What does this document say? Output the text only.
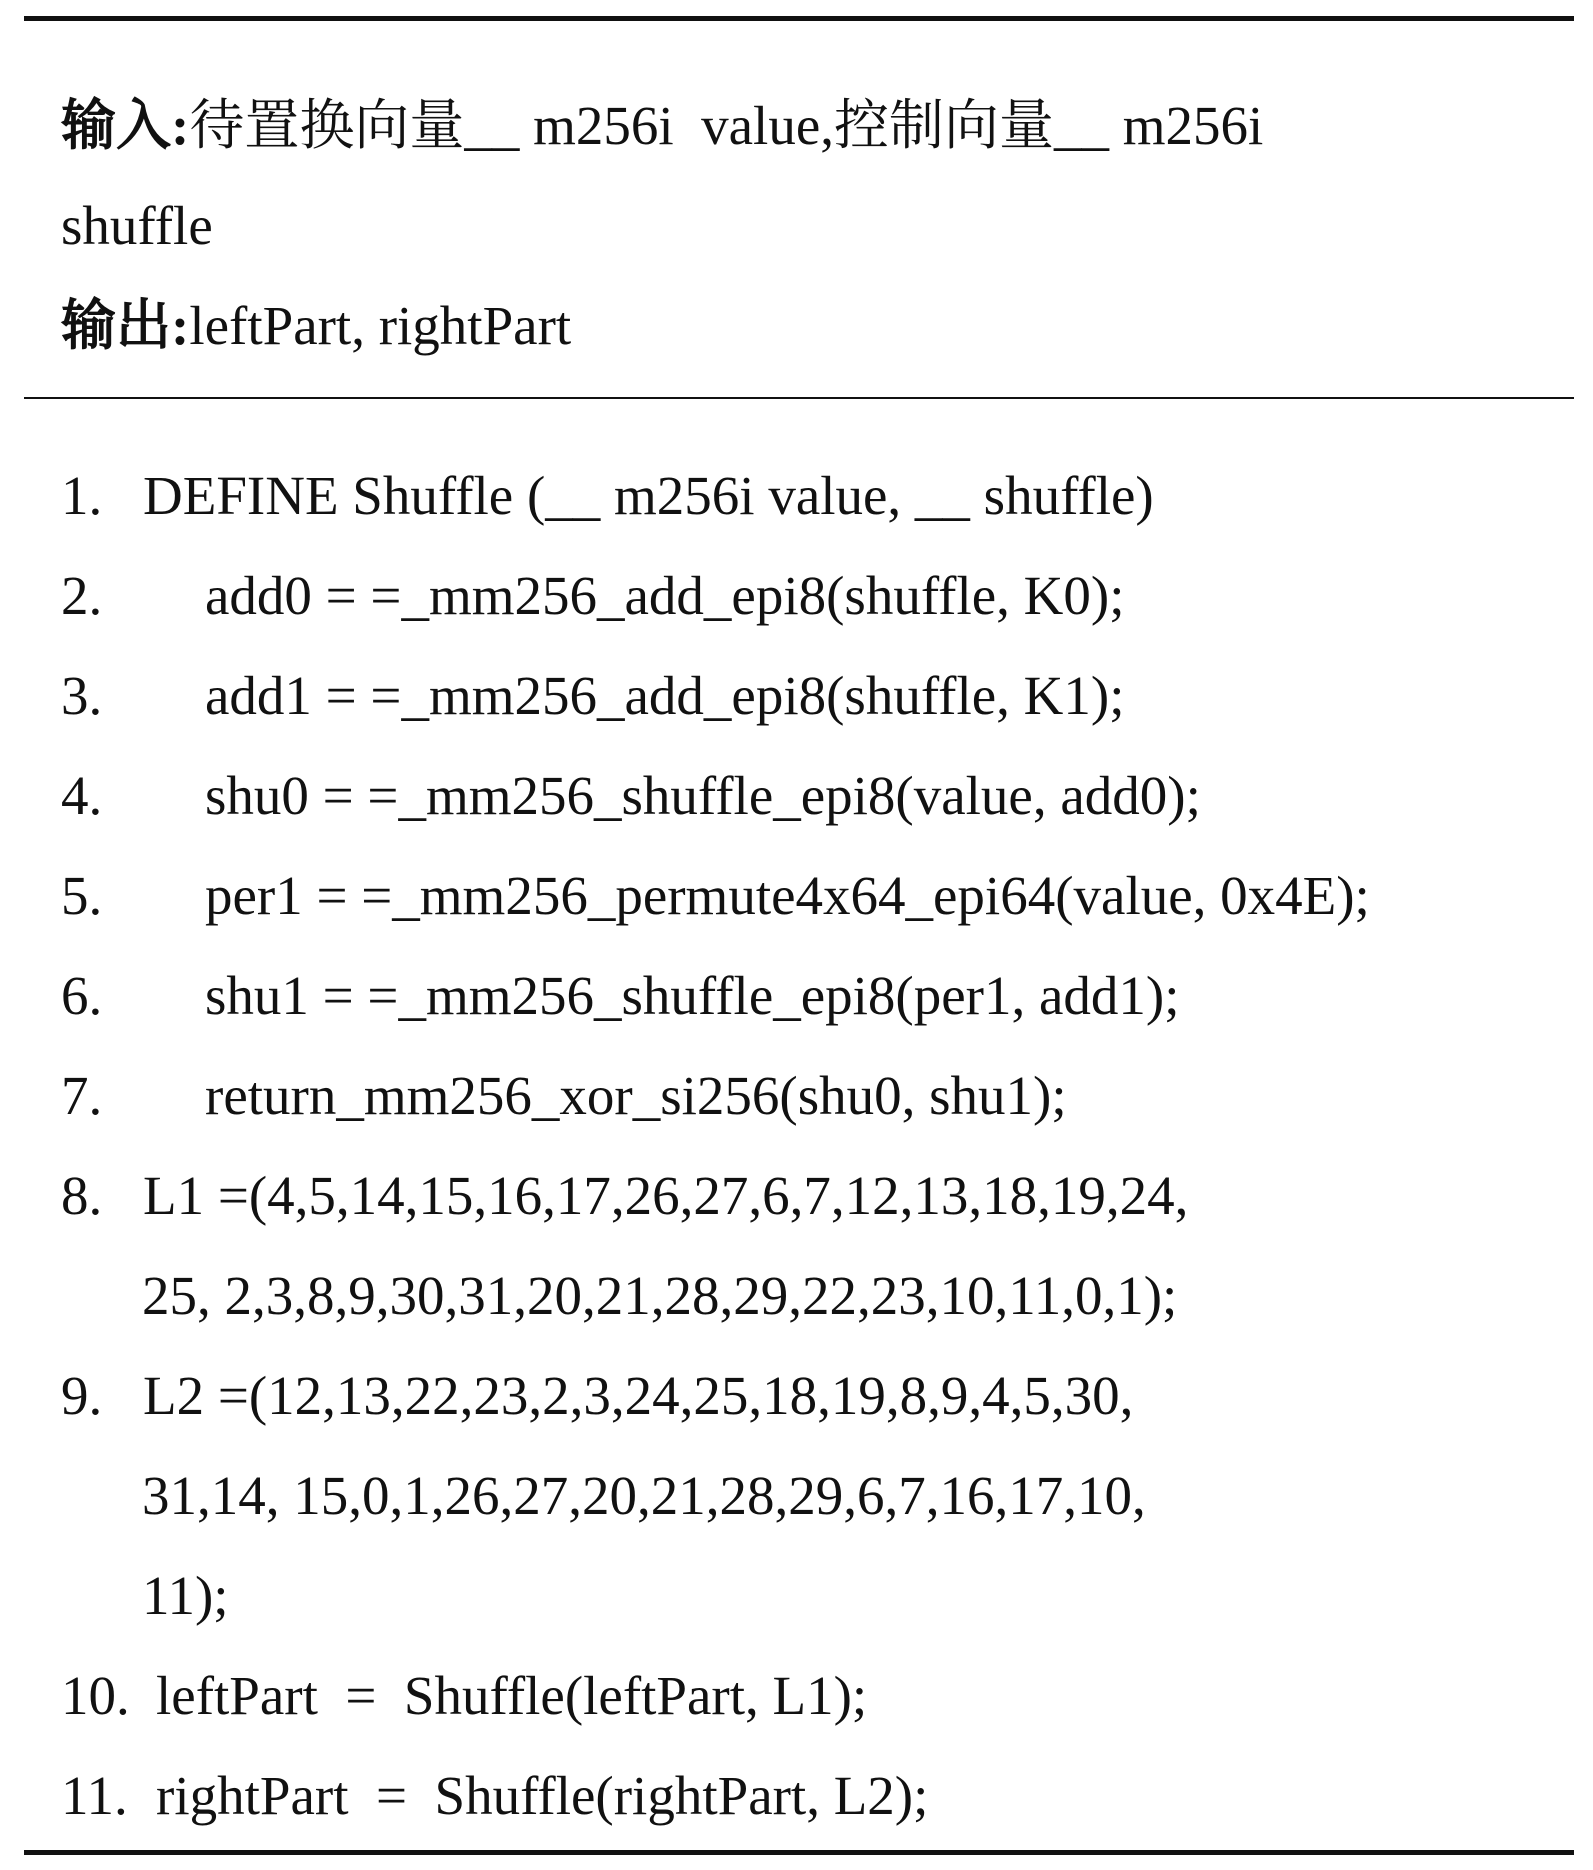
输入:待置换向量__ m256i  value,控制向量__ m256i
shuffle
输出:leftPart, rightPart
1. DEFINE Shuffle (__ m256i value, __ shuffle)
2. add0 = =_mm256_add_epi8(shuffle, K0);
3. add1 = =_mm256_add_epi8(shuffle, K1);
4. shu0 = =_mm256_shuffle_epi8(value, add0);
5. per1 = =_mm256_permute4x64_epi64(value, 0x4E);
6. shu1 = =_mm256_shuffle_epi8(per1, add1);
7. return_mm256_xor_si256(shu0, shu1);
8. L1 =(4,5,14,15,16,17,26,27,6,7,12,13,18,19,24,
25, 2,3,8,9,30,31,20,21,28,29,22,23,10,11,0,1);
9. L2 =(12,13,22,23,2,3,24,25,18,19,8,9,4,5,30,
31,14, 15,0,1,26,27,20,21,28,29,6,7,16,17,10,
11);
10. leftPart  =  Shuffle(leftPart, L1);
11. rightPart  =  Shuffle(rightPart, L2);
